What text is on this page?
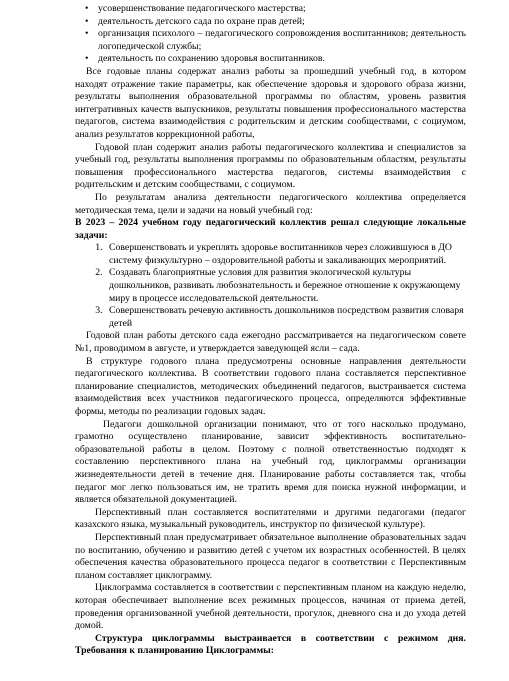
• усовершенствование педагогического мастерства;
• деятельность детского сада по охране прав детей;
• организация психолого – педагогического сопровождения воспитанников; деятельность логопедической службы;
• деятельность по сохранению здоровья воспитанников.

Все годовые планы содержат анализ работы за прошедший учебный год, в котором находят отражение такие параметры, как обеспечение здоровья и здорового образа жизни, результаты выполнения образовательной программы по областям, уровень развития интегративных качеств выпускников, результаты повышения профессионального мастерства педагогов, система взаимодействия с родительским и детским сообществами, с социумом, анализ результатов коррекционной работы,

Годовой план содержит анализ работы педагогического коллектива и специалистов за учебный год, результаты выполнения программы по образовательным областям, результаты повышения профессионального мастерства педагогов, системы взаимодействия с родительским и детским сообществами, с социумом.

По результатам анализа деятельности педагогического коллектива определяется методическая тема, цели и задачи на новый учебный год:

В 2023 – 2024 учебном году педагогический коллектив решал следующие локальные задачи:

1. Совершенствовать и укреплять здоровье воспитанников через сложившуюся в ДО систему физкультурно – оздоровительной работы и закаливающих мероприятий.
2. Создавать благоприятные условия для развития экологической культуры дошкольников, развивать любознательность и бережное отношение к окружающему миру в процессе исследовательской деятельности.
3. Совершенствовать речевую активность дошкольников посредством развития словаря детей

Годовой план работы детского сада ежегодно рассматривается на педагогическом совете №1, проводимом в августе, и утверждается заведующей ясли – сада.

В структуре годового плана предусмотрены основные направления деятельности педагогического коллектива. В соответствии годового плана составляется перспективное планирование специалистов, методических объединений педагогов, выстраивается система взаимодействия всех участников педагогического процесса, определяются эффективные формы, методы по реализации годовых задач.

Педагоги дошкольной организации понимают, что от того насколько продумано, грамотно осуществлено планирование, зависит эффективность воспитательно-образовательной работы в целом. Поэтому с полной ответственностью подходят к составлению перспективного плана на учебный год, циклограммы организации жизнедеятельности детей в течение дня. Планирование работы составляется так, чтобы педагог мог легко пользоваться им, не тратить время для поиска нужной информации, и является обязательной документацией.

Перспективный план составляется воспитателями и другими педагогами (педагог казахского языка, музыкальный руководитель, инструктор по физической культуре).

Перспективный план предусматривает обязательное выполнение образовательных задач по воспитанию, обучению и развитию детей с учетом их возрастных особенностей. В целях обеспечения качества образовательного процесса педагог в соответствии с Перспективным планом составляет циклограмму.

Циклограмма составляется в соответствии с перспективным планом на каждую неделю, которая обеспечивает выполнение всех режимных процессов, начиная от приема детей, проведения организованной учебной деятельности, прогулок, дневного сна и до ухода детей домой.

Структура циклограммы выстраивается в соответствии с режимом дня. Требования к планированию Циклограммы:
